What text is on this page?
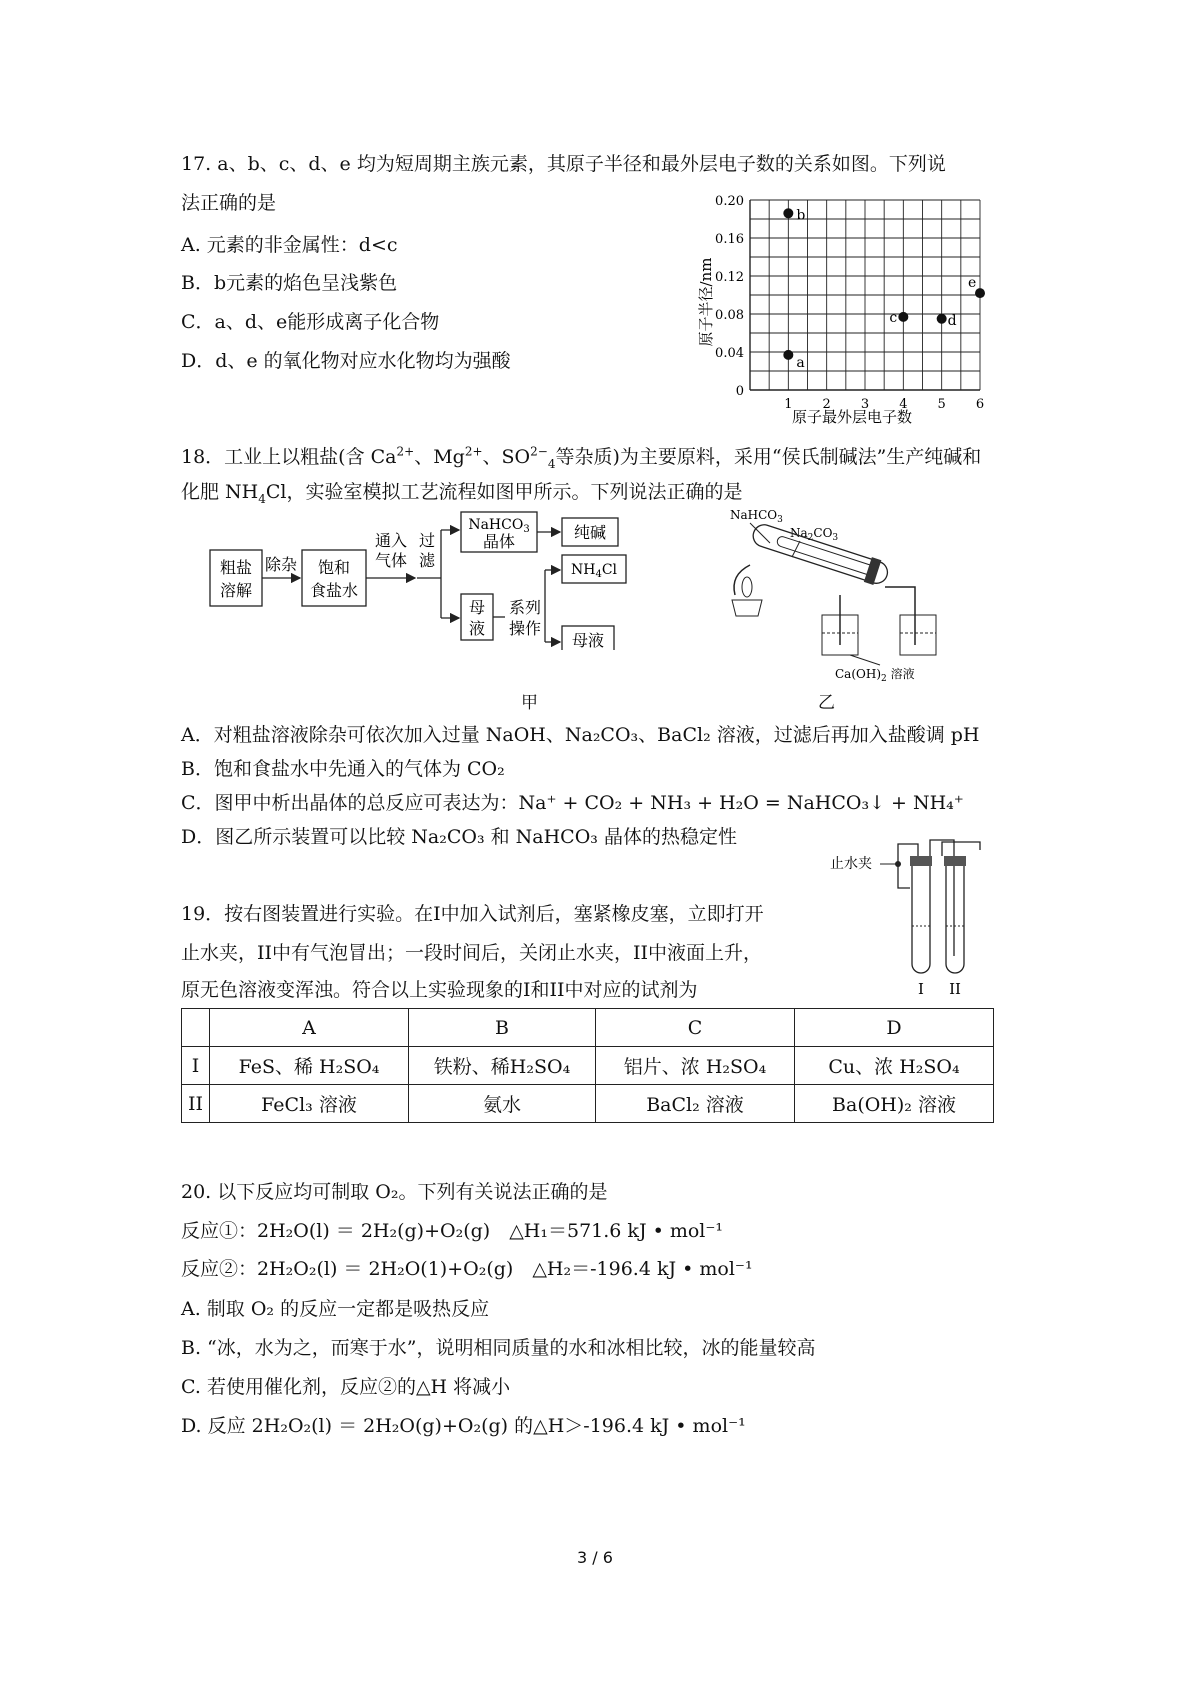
17. a、b、c、d、e 均为短周期主族元素，其原子半径和最外层电子数的关系如图。下列说
法正确的是
A. 元素的非金属性：d<c
B．b元素的焰色呈浅紫色
C．a、d、e能形成离子化合物
D．d、e 的氧化物对应水化物均为强酸
0
0.04
0.08
0.12
0.16
0.20
1 2 3 4 5 6
a
b
c	d
e
原子半径/nm
原子最外层电子数
18．工业上以粗盐(含 $Ca^{2+}$、$Mg^{2+}$、$SO^{2-}_4$等杂质)为主要原料，采用“侯氏制碱法”生产纯碱和
化肥 $NH_4Cl$，实验室模拟工艺流程如图甲所示。下列说法正确的是
粗盐
溶解
除杂 饱和
食盐水
通入
气体
过
滤
NaHCO$_3$
晶体	纯碱
母
液
系列
操作
$NH_4Cl$
母液
甲
NaHCO$_3$
$Na_2CO_3$
$Ca(OH)_2$ 溶液
乙
A．对粗盐溶液除杂可依次加入过量 NaOH、Na₂CO₃、BaCl₂ 溶液，过滤后再加入盐酸调 pH
B．饱和食盐水中先通入的气体为 CO₂
C．图甲中析出晶体的总反应可表达为：Na⁺ + CO₂ + NH₃ + H₂O = NaHCO₃↓ + NH₄⁺
D．图乙所示装置可以比较 Na₂CO₃ 和 NaHCO₃ 晶体的热稳定性
止水夹
I II
19．按右图装置进行实验。在I中加入试剂后，塞紧橡皮塞，立即打开
止水夹，II中有气泡冒出；一段时间后，关闭止水夹，II中液面上升，
原无色溶液变浑浊。符合以上实验现象的I和II中对应的试剂为
	A	B	C	D
I	FeS、稀 H₂SO₄	铁粉、稀H₂SO₄	铝片、浓 H₂SO₄	Cu、浓 H₂SO₄
II	FeCl₃ 溶液	氨水	BaCl₂ 溶液	Ba(OH)₂ 溶液
20. 以下反应均可制取 O₂。下列有关说法正确的是
反应①：2H₂O(l) ＝ 2H₂(g)+O₂(g)　△H₁＝571.6 kJ • mol⁻¹
反应②：2H₂O₂(l) ＝ 2H₂O(1)+O₂(g)　△H₂＝-196.4 kJ • mol⁻¹
A. 制取 O₂ 的反应一定都是吸热反应
B. “冰，水为之，而寒于水”，说明相同质量的水和冰相比较，冰的能量较高
C. 若使用催化剂，反应②的△H 将减小
D. 反应 2H₂O₂(l) ＝ 2H₂O(g)+O₂(g) 的△H＞-196.4 kJ • mol⁻¹
3 / 6
